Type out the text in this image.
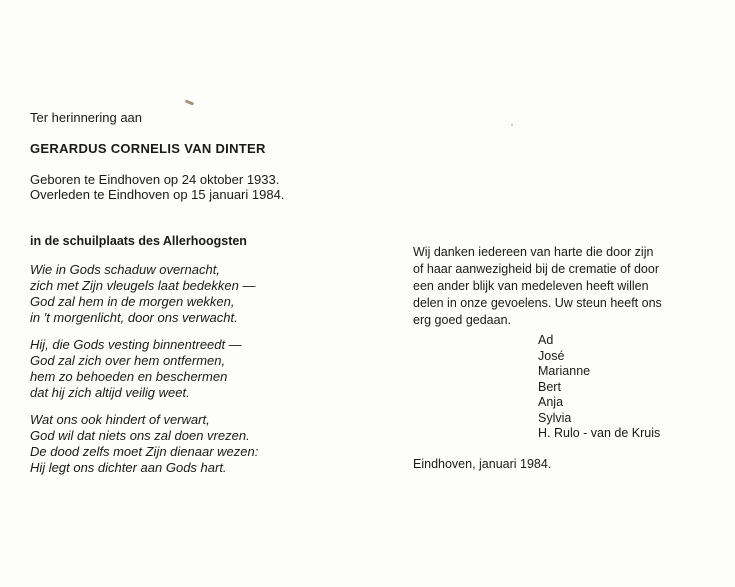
Ter herinnering aan
GERARDUS CORNELIS VAN DINTER
Geboren te Eindhoven op 24 oktober 1933.
Overleden te Eindhoven op 15 januari 1984.
in de schuilplaats des Allerhoogsten
Wie in Gods schaduw overnacht,
zich met Zijn vleugels laat bedekken —
God zal hem in de morgen wekken,
in 't morgenlicht, door ons verwacht.
Hij, die Gods vesting binnentreedt —
God zal zich over hem ontfermen,
hem zo behoeden en beschermen
dat hij zich altijd veilig weet.
Wat ons ook hindert of verwart,
God wil dat niets ons zal doen vrezen.
De dood zelfs moet Zijn dienaar wezen:
Hij legt ons dichter aan Gods hart.
Wij danken iedereen van harte die door zijn
of haar aanwezigheid bij de crematie of door
een ander blijk van medeleven heeft willen
delen in onze gevoelens. Uw steun heeft ons
erg goed gedaan.
Ad
José
Marianne
Bert
Anja
Sylvia
H. Rulo - van de Kruis
Eindhoven, januari 1984.
